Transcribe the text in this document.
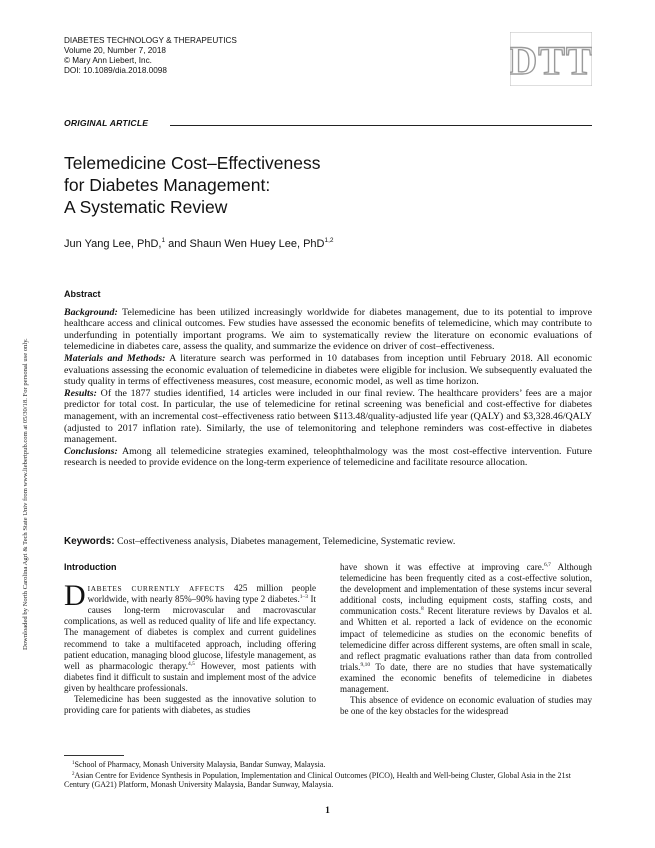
DIABETES TECHNOLOGY & THERAPEUTICS
Volume 20, Number 7, 2018
© Mary Ann Liebert, Inc.
DOI: 10.1089/dia.2018.0098	DTT
Downloaded by North Carolina Agri & Tech State Univ from www.liebertpub.com at 05/30/18. For personal use only.
ORIGINAL ARTICLE
Telemedicine Cost–Effectiveness
for Diabetes Management:
A Systematic Review
Jun Yang Lee, PhD,$^1$ and Shaun Wen Huey Lee, PhD$^{1,2}$
Abstract

Background: Telemedicine has been utilized increasingly worldwide for diabetes management, due to its potential to improve healthcare access and clinical outcomes. Few studies have assessed the economic benefits of telemedicine, which may contribute to underfunding in potentially important programs. We aim to systematically review the literature on economic evaluations of telemedicine in diabetes care, assess the quality, and summarize the evidence on driver of cost–effectiveness.

Materials and Methods: A literature search was performed in 10 databases from inception until February 2018. All economic evaluations assessing the economic evaluation of telemedicine in diabetes were eligible for inclusion. We subsequently evaluated the study quality in terms of effectiveness measures, cost measure, economic model, as well as time horizon.

Results: Of the 1877 studies identified, 14 articles were included in our final review. The healthcare providers’ fees are a major predictor for total cost. In particular, the use of telemedicine for retinal screening was beneficial and cost-effective for diabetes management, with an incremental cost–effectiveness ratio between $113.48/quality-adjusted life year (QALY) and $3,328.46/QALY (adjusted to 2017 inflation rate). Similarly, the use of telemonitoring and telephone reminders was cost-effective in diabetes management.

Conclusions: Among all telemedicine strategies examined, teleophthalmology was the most cost-effective intervention. Future research is needed to provide evidence on the long-term experience of telemedicine and facilitate resource allocation.

Keywords: Cost–effectiveness analysis, Diabetes management, Telemedicine, Systematic review.
Introduction

DIABETES CURRENTLY AFFECTS 425 million people worldwide, with nearly 85%–90% having type 2 diabetes.$^{1-3}$ It causes long-term microvascular and macrovascular complications, as well as reduced quality of life and life expectancy. The management of diabetes is complex and current guidelines recommend to take a multifaceted approach, including offering patient education, managing blood glucose, lifestyle management, as well as pharmacologic therapy.$^{4,5}$ However, most patients with diabetes find it difficult to sustain and implement most of the advice given by healthcare professionals.

Telemedicine has been suggested as the innovative solution to providing care for patients with diabetes, as studies

have shown it was effective at improving care.$^{6,7}$ Although telemedicine has been frequently cited as a cost-effective solution, the development and implementation of these systems incur several additional costs, including equipment costs, staffing costs, and communication costs.$^8$ Recent literature reviews by Davalos et al. and Whitten et al. reported a lack of evidence on the economic impact of telemedicine as studies on the economic benefits of telemedicine differ across different systems, are often small in scale, and reflect pragmatic evaluations rather than data from controlled trials.$^{9,10}$ To date, there are no studies that have systematically examined the economic benefits of telemedicine in diabetes management.

This absence of evidence on economic evaluation of studies may be one of the key obstacles for the widespread

$^1$School of Pharmacy, Monash University Malaysia, Bandar Sunway, Malaysia.

$^2$Asian Centre for Evidence Synthesis in Population, Implementation and Clinical Outcomes (PICO), Health and Well-being Cluster, Global Asia in the 21st Century (GA21) Platform, Monash University Malaysia, Bandar Sunway, Malaysia.

1
